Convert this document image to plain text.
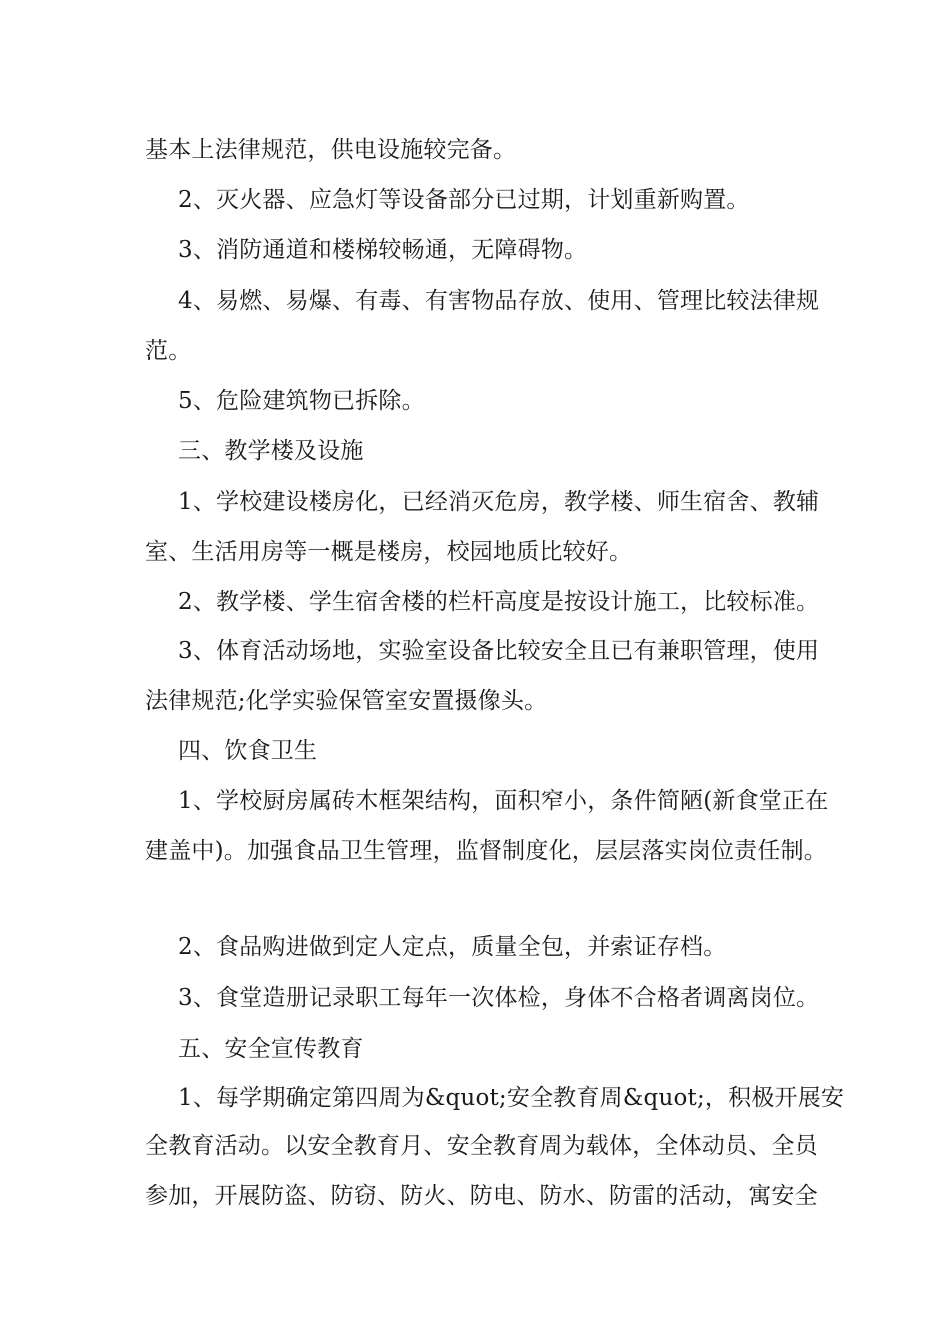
基本上法律规范，供电设施较完备。
2、灭火器、应急灯等设备部分已过期，计划重新购置。
3、消防通道和楼梯较畅通，无障碍物。
4、易燃、易爆、有毒、有害物品存放、使用、管理比较法律规
范。
5、危险建筑物已拆除。
三、教学楼及设施
1、学校建设楼房化，已经消灭危房，教学楼、师生宿舍、教辅
室、生活用房等一概是楼房，校园地质比较好。
2、教学楼、学生宿舍楼的栏杆高度是按设计施工，比较标准。
3、体育活动场地，实验室设备比较安全且已有兼职管理，使用
法律规范;化学实验保管室安置摄像头。
四、饮食卫生
1、学校厨房属砖木框架结构，面积窄小，条件简陋(新食堂正在
建盖中)。加强食品卫生管理，监督制度化，层层落实岗位责任制。
2、食品购进做到定人定点，质量全包，并索证存档。
3、食堂造册记录职工每年一次体检，身体不合格者调离岗位。
五、安全宣传教育
1、每学期确定第四周为&quot;安全教育周&quot;，积极开展安
全教育活动。以安全教育月、安全教育周为载体，全体动员、全员
参加，开展防盗、防窃、防火、防电、防水、防雷的活动，寓安全
